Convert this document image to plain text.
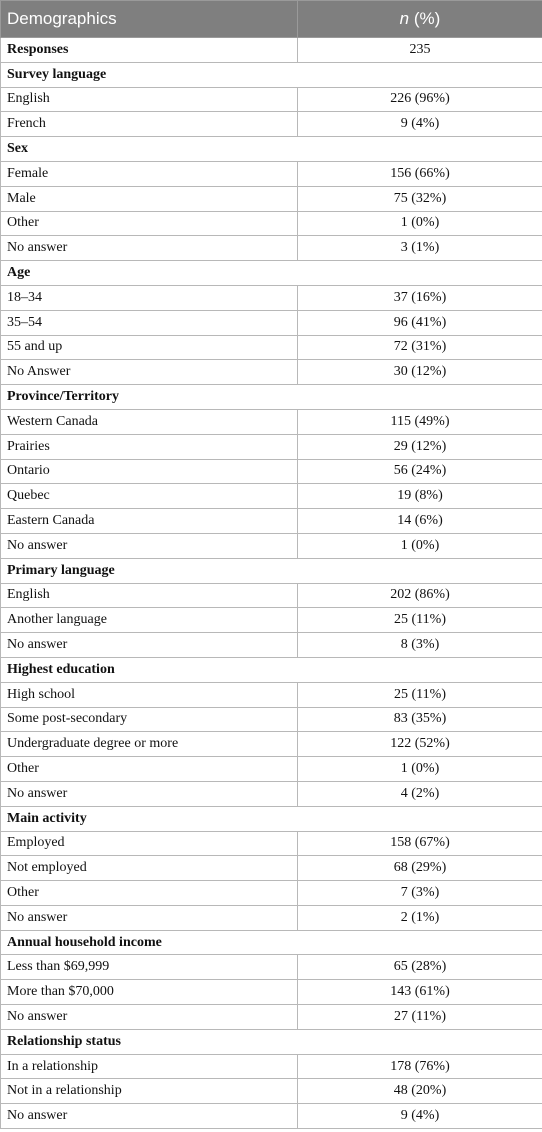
Demographics	n (%)
Responses	235
Survey language	
English	226 (96%)
French	9 (4%)
Sex	
Female	156 (66%)
Male	75 (32%)
Other	1 (0%)
No answer	3 (1%)
Age	
18–34	37 (16%)
35–54	96 (41%)
55 and up	72 (31%)
No Answer	30 (12%)
Province/Territory	
Western Canada	115 (49%)
Prairies	29 (12%)
Ontario	56 (24%)
Quebec	19 (8%)
Eastern Canada	14 (6%)
No answer	1 (0%)
Primary language	
English	202 (86%)
Another language	25 (11%)
No answer	8 (3%)
Highest education	
High school	25 (11%)
Some post-secondary	83 (35%)
Undergraduate degree or more	122 (52%)
Other	1 (0%)
No answer	4 (2%)
Main activity	
Employed	158 (67%)
Not employed	68 (29%)
Other	7 (3%)
No answer	2 (1%)
Annual household income	
Less than $69,999	65 (28%)
More than $70,000	143 (61%)
No answer	27 (11%)
Relationship status	
In a relationship	178 (76%)
Not in a relationship	48 (20%)
No answer	9 (4%)
